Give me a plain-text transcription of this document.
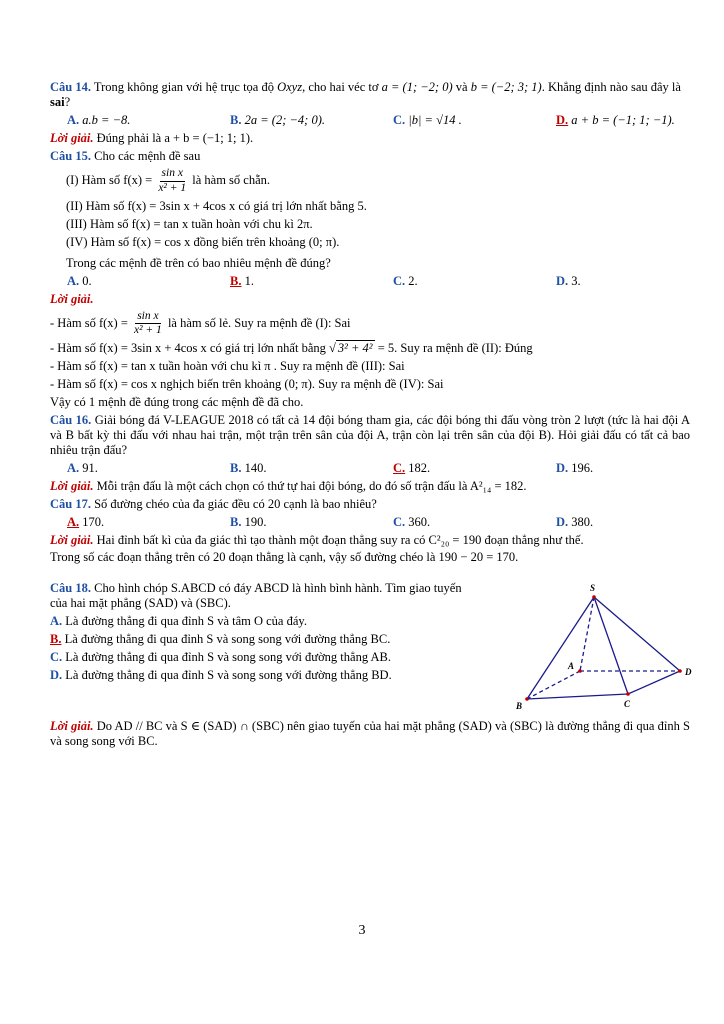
Câu 14. Trong không gian với hệ trục tọa độ Oxyz, cho hai véc tơ a = (1; −2; 0) và b = (−2; 3; 1). Khẳng định nào sau đây là sai?
A. a.b = −8.	B. 2a = (2; −4; 0).	C. |b| = √14 .	D. a + b = (−1; 1; −1).
Lời giải. Đúng phải là a + b = (−1; 1; 1).
Câu 15. Cho các mệnh đề sau
(I) Hàm số $f(x) = \frac{\text{sin x}}{\text{x² + 1}}$ là hàm số chẵn.
(II) Hàm số f(x) = 3sin x + 4cos x có giá trị lớn nhất bằng 5.
(III) Hàm số f(x) = tan x tuần hoàn với chu kì 2π.
(IV) Hàm số f(x) = cos x đồng biến trên khoảng (0; π).
Trong các mệnh đề trên có bao nhiêu mệnh đề đúng?
A. 0.	B. 1.	C. 2.	D. 3.
Lời giải.
- Hàm số $f(x) = \frac{\text{sin x}}{\text{x² + 1}}$ là hàm số lẻ. Suy ra mệnh đề (I): Sai
- Hàm số f(x) = 3sin x + 4cos x có giá trị lớn nhất bằng √ 3² + 4² = 5. Suy ra mệnh đề (II): Đúng
- Hàm số f(x) = tan x tuần hoàn với chu kì π . Suy ra mệnh đề (III): Sai
- Hàm số f(x) = cos x nghịch biến trên khoảng (0; π). Suy ra mệnh đề (IV): Sai
Vậy có 1 mệnh đề đúng trong các mệnh đề đã cho.
Câu 16. Giải bóng đá V-LEAGUE 2018 có tất cả 14 đội bóng tham gia, các đội bóng thi đấu vòng tròn 2 lượt (tức là hai đội A và B bất kỳ thi đấu với nhau hai trận, một trận trên sân của đội A, trận còn lại trên sân của đội B). Hỏi giải đấu có tất cả bao nhiêu trận đấu?
A. 91.	B. 140.	C. 182.	D. 196.
Lời giải. Mỗi trận đấu là một cách chọn có thứ tự hai đội bóng, do đó số trận đấu là A²₁₄ = 182.
Câu 17. Số đường chéo của đa giác đều có 20 cạnh là bao nhiêu?
A. 170.	B. 190.	C. 360.	D. 380.
Lời giải. Hai đỉnh bất kì của đa giác thì tạo thành một đoạn thẳng suy ra có C²₂₀ = 190 đoạn thẳng như thế.
Trong số các đoạn thẳng trên có 20 đoạn thẳng là cạnh, vậy số đường chéo là 190 − 20 = 170.
Câu 18. Cho hình chóp S.ABCD có đáy ABCD là hình bình hành. Tìm giao tuyến của hai mặt phẳng (SAD) và (SBC).
A. Là đường thẳng đi qua đỉnh S và tâm O của đáy.
B. Là đường thẳng đi qua đỉnh S và song song với đường thẳng BC.
C. Là đường thẳng đi qua đỉnh S và song song với đường thẳng AB.
D. Là đường thẳng đi qua đỉnh S và song song với đường thẳng BD.
S
A
B	C
D
Lời giải. Do AD // BC và S ∈ (SAD) ∩ (SBC) nên giao tuyến của hai mặt phẳng (SAD) và (SBC) là đường thẳng đi qua đỉnh S và song song với BC.
3
